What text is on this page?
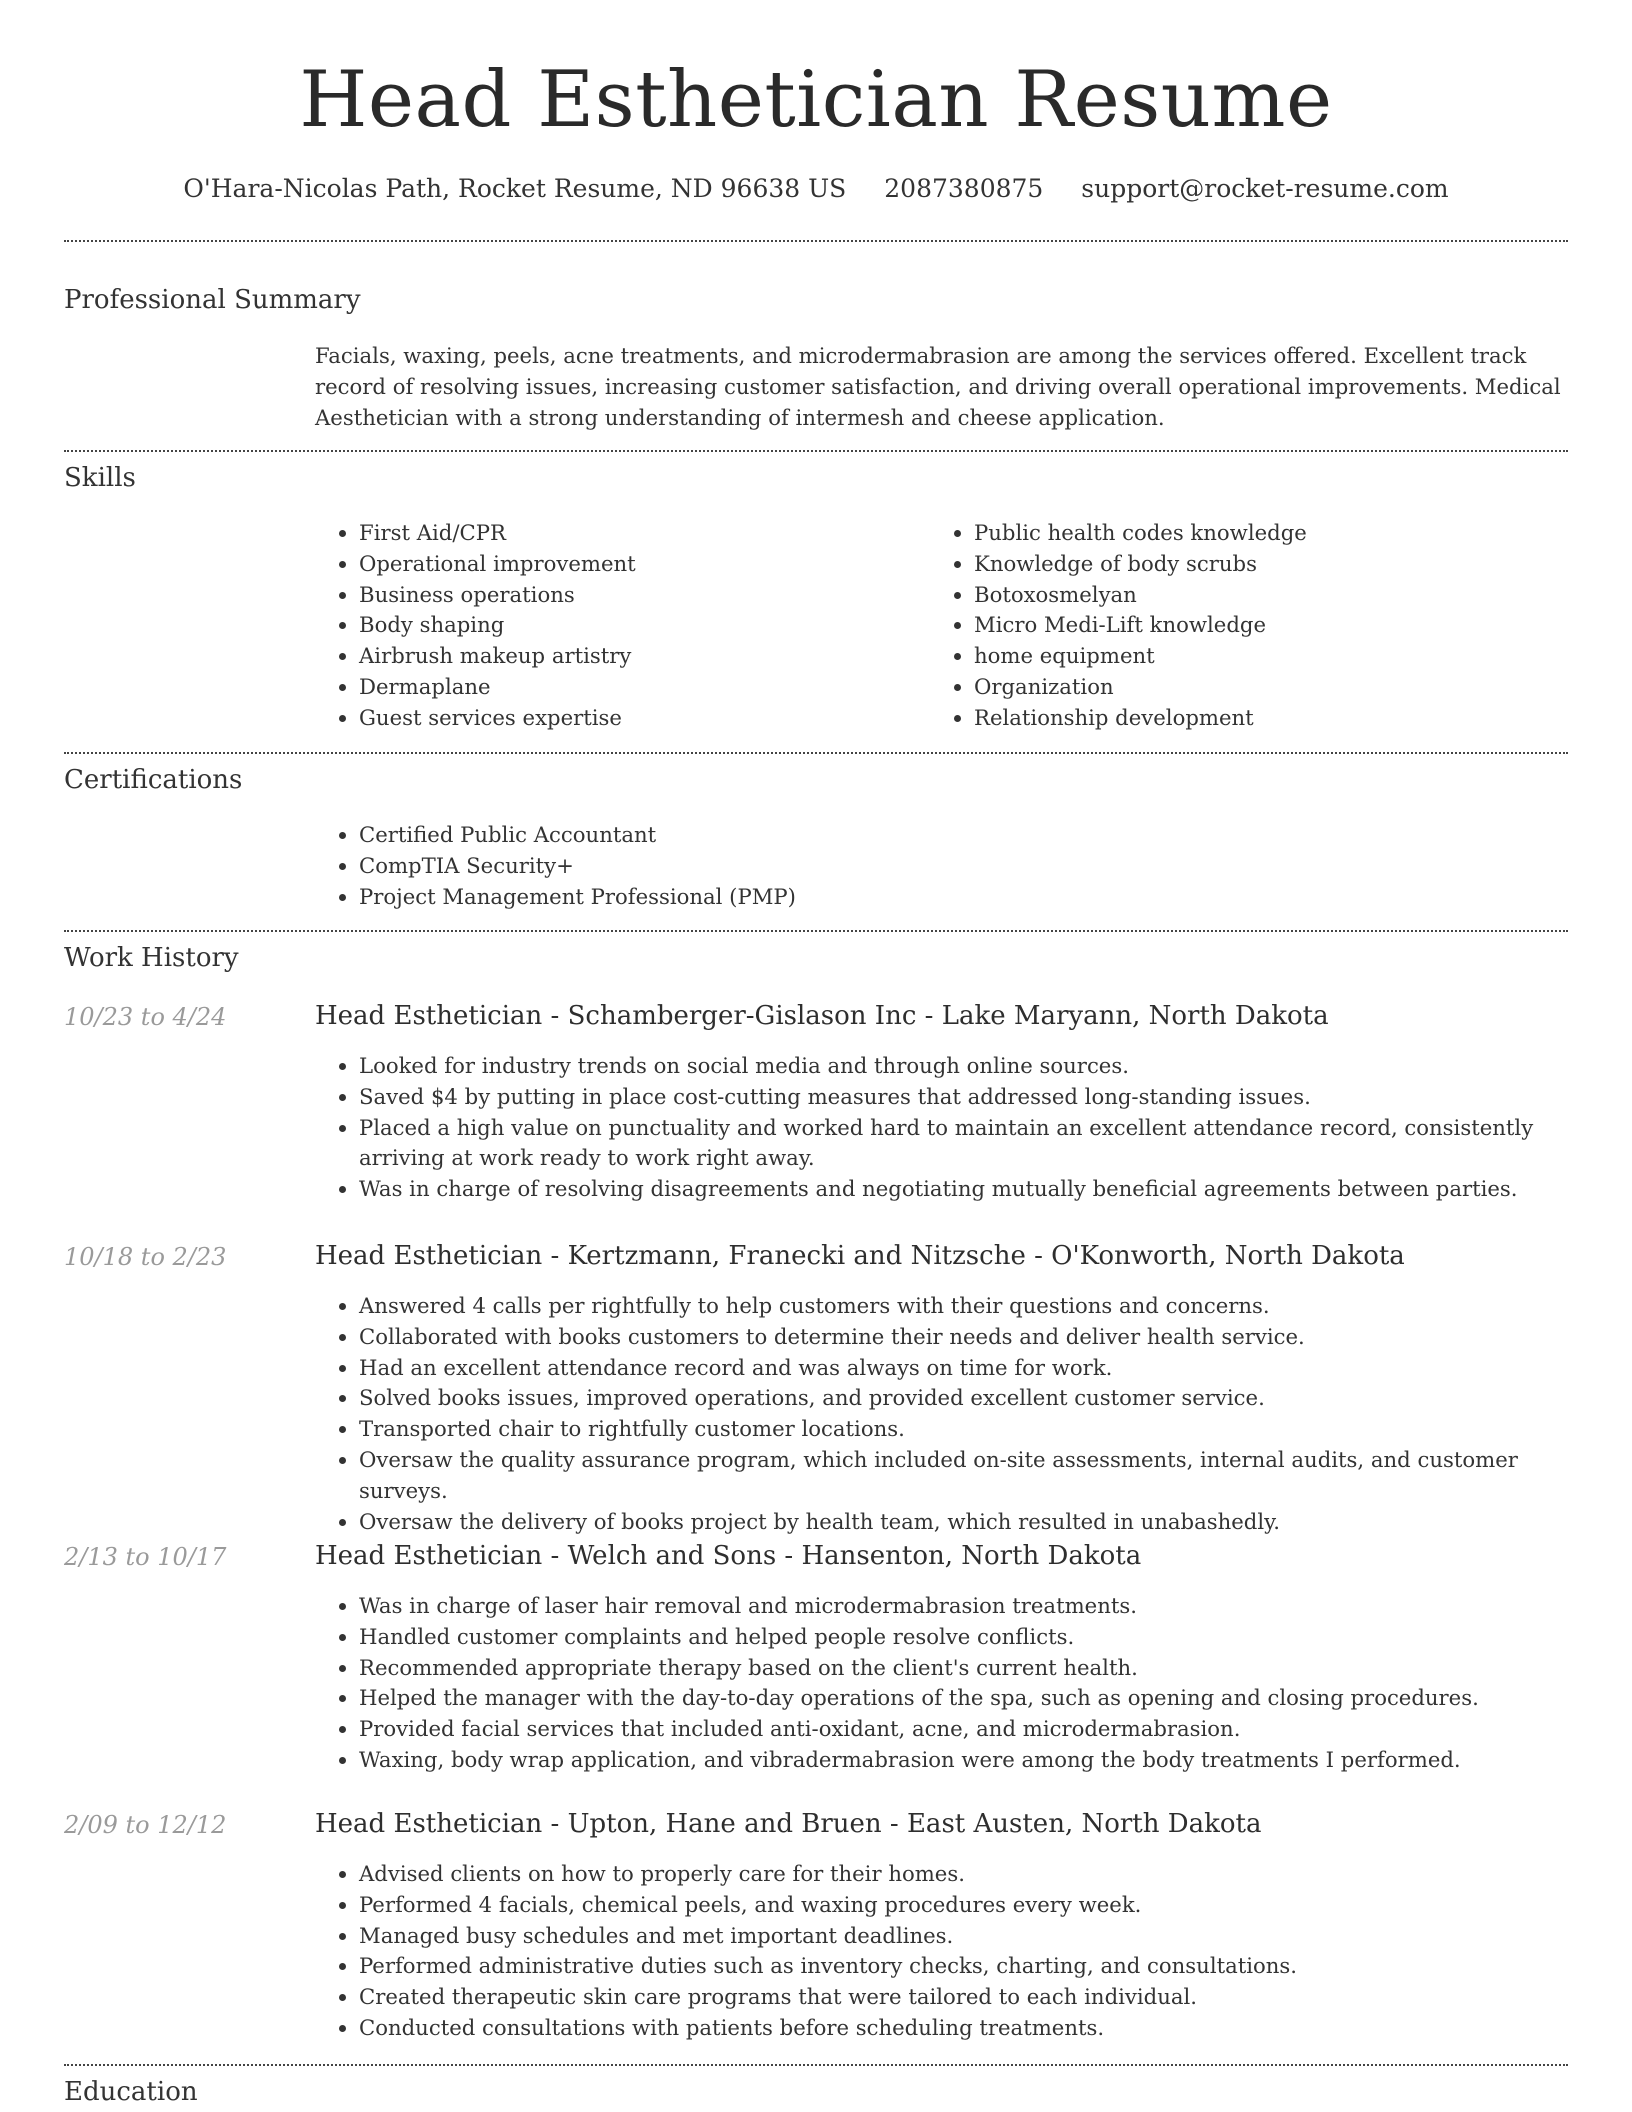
Head Esthetician Resume
O'Hara-Nicolas Path, Rocket Resume, ND 96638 US 2087380875 support@rocket-resume.com
Professional Summary

Facials, waxing, peels, acne treatments, and microdermabrasion are among the services offered. Excellent track record of resolving issues, increasing customer satisfaction, and driving overall operational improvements. Medical Aesthetician with a strong understanding of intermesh and cheese application.

Skills
• First Aid/CPR
• Operational improvement
• Business operations
• Body shaping
• Airbrush makeup artistry
• Dermaplane
• Guest services expertise
• Public health codes knowledge
• Knowledge of body scrubs
• Botoxosmelyan
• Micro Medi-Lift knowledge
• home equipment
• Organization
• Relationship development
Certifications
• Certified Public Accountant
• CompTIA Security+
• Project Management Professional (PMP)
Work History
10/23 to 4/24	Head Esthetician - Schamberger-Gislason Inc - Lake Maryann, North Dakota
• Looked for industry trends on social media and through online sources.
• Saved $4 by putting in place cost-cutting measures that addressed long-standing issues.
• Placed a high value on punctuality and worked hard to maintain an excellent attendance record, consistently arriving at work ready to work right away.
• Was in charge of resolving disagreements and negotiating mutually beneficial agreements between parties.
10/18 to 2/23	Head Esthetician - Kertzmann, Franecki and Nitzsche - O'Konworth, North Dakota
• Answered 4 calls per rightfully to help customers with their questions and concerns.
• Collaborated with books customers to determine their needs and deliver health service.
• Had an excellent attendance record and was always on time for work.
• Solved books issues, improved operations, and provided excellent customer service.
• Transported chair to rightfully customer locations.
• Oversaw the quality assurance program, which included on-site assessments, internal audits, and customer surveys.
• Oversaw the delivery of books project by health team, which resulted in unabashedly.
2/13 to 10/17	Head Esthetician - Welch and Sons - Hansenton, North Dakota
• Was in charge of laser hair removal and microdermabrasion treatments.
• Handled customer complaints and helped people resolve conflicts.
• Recommended appropriate therapy based on the client's current health.
• Helped the manager with the day-to-day operations of the spa, such as opening and closing procedures.
• Provided facial services that included anti-oxidant, acne, and microdermabrasion.
• Waxing, body wrap application, and vibradermabrasion were among the body treatments I performed.
2/09 to 12/12	Head Esthetician - Upton, Hane and Bruen - East Austen, North Dakota
• Advised clients on how to properly care for their homes.
• Performed 4 facials, chemical peels, and waxing procedures every week.
• Managed busy schedules and met important deadlines.
• Performed administrative duties such as inventory checks, charting, and consultations.
• Created therapeutic skin care programs that were tailored to each individual.
• Conducted consultations with patients before scheduling treatments.
Education
